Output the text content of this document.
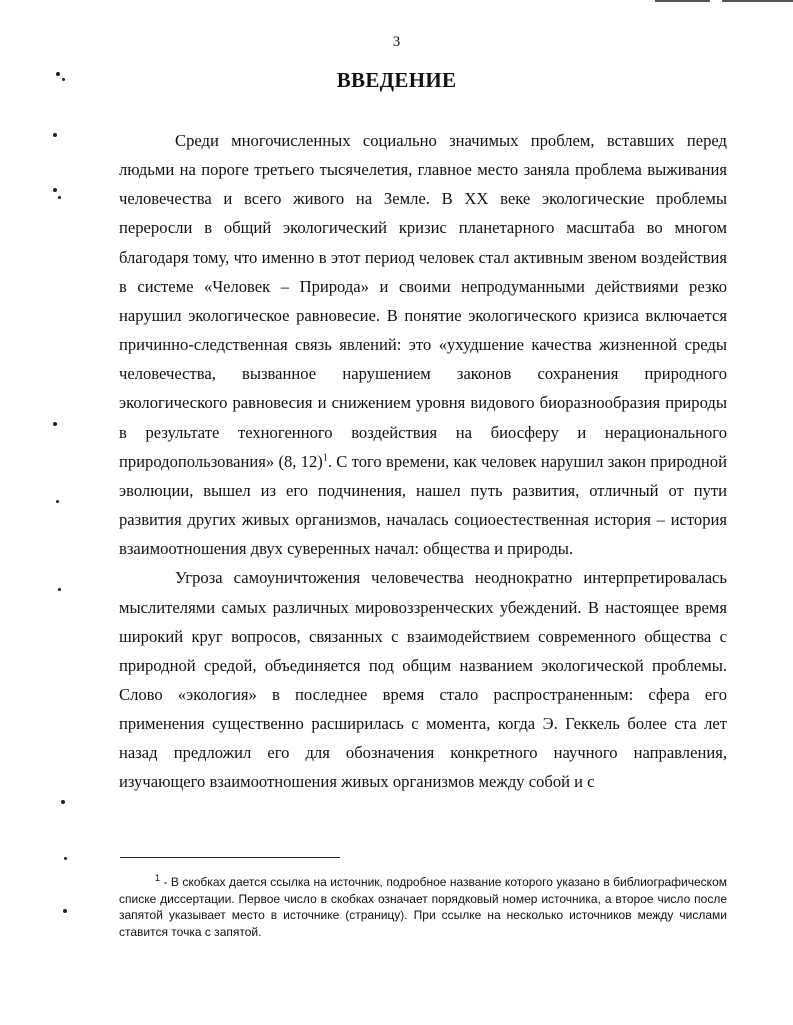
3
ВВЕДЕНИЕ

Среди многочисленных социально значимых проблем, вставших перед людьми на пороге третьего тысячелетия, главное место заняла проблема выживания человечества и всего живого на Земле. В XX веке экологические проблемы переросли в общий экологический кризис планетарного масштаба во многом благодаря тому, что именно в этот период человек стал активным звеном воздействия в системе «Человек – Природа» и своими непродуманными действиями резко нарушил экологическое равновесие. В понятие экологического кризиса включается причинно-следственная связь явлений: это «ухудшение качества жизненной среды человечества, вызванное нарушением законов сохранения природного экологического равновесия и снижением уровня видового биоразнообразия природы в результате техногенного воздействия на биосферу и нерационального природопользования» (8, 12)$^1$. С того времени, как человек нарушил закон природной эволюции, вышел из его подчинения, нашел путь развития, отличный от пути развития других живых организмов, началась социоестественная история – история взаимоотношения двух суверенных начал: общества и природы.

Угроза самоуничтожения человечества неоднократно интерпретировалась мыслителями самых различных мировоззренческих убеждений. В настоящее время широкий круг вопросов, связанных с взаимодействием современного общества с природной средой, объединяется под общим названием экологической проблемы. Слово «экология» в последнее время стало распространенным: сфера его применения существенно расширилась с момента, когда Э. Геккель более ста лет назад предложил его для обозначения конкретного научного направления, изучающего взаимоотношения живых организмов между собой и с

$^1$ - В скобках дается ссылка на источник, подробное название которого указано в библиографическом списке диссертации. Первое число в скобках означает порядковый номер источника, а второе число после запятой указывает место в источнике (страницу). При ссылке на несколько источников между числами ставится точка с запятой.
